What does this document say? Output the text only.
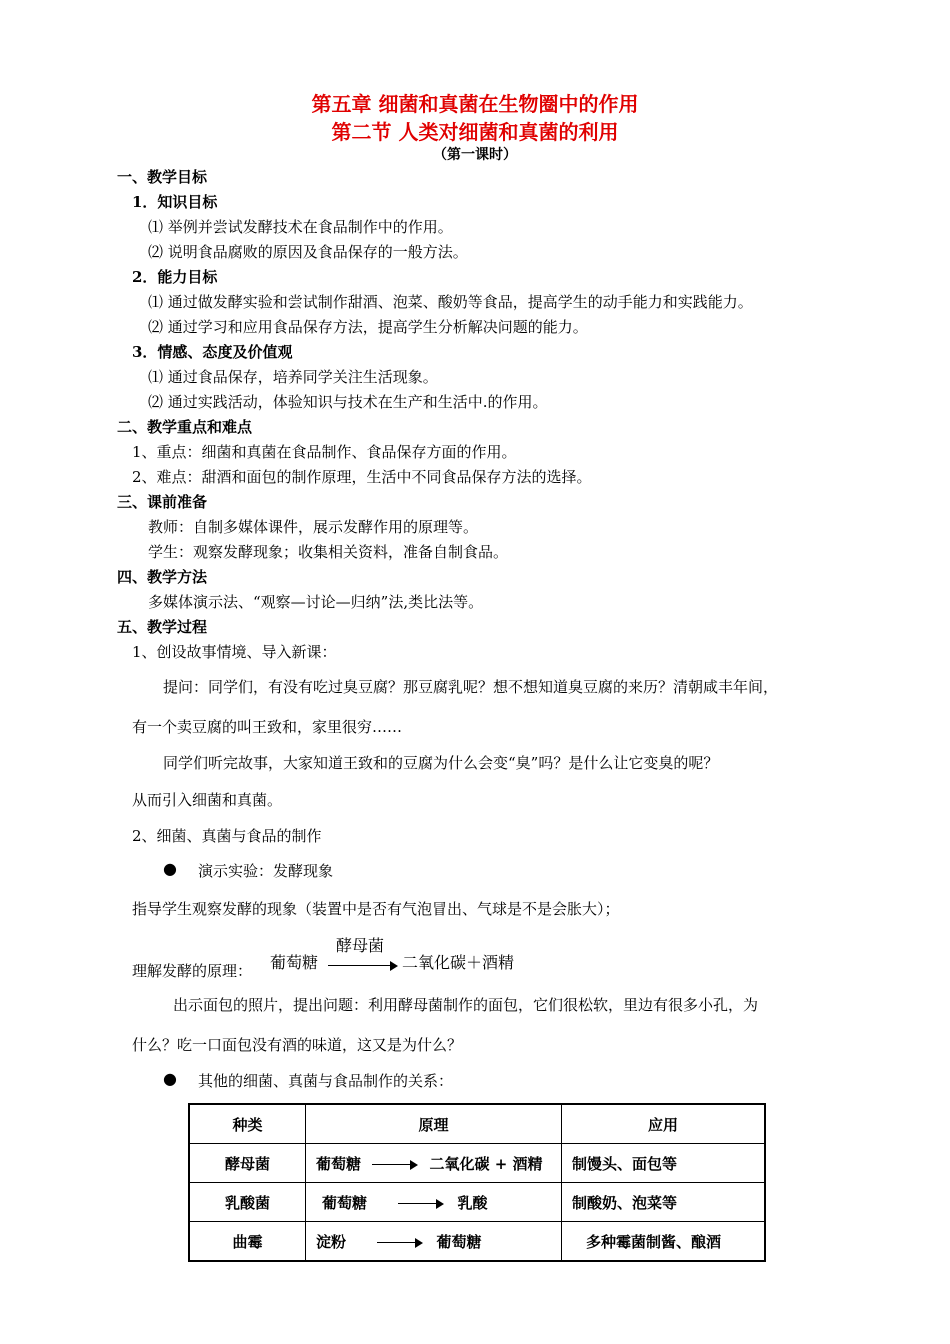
第五章 细菌和真菌在生物圈中的作用
第二节 人类对细菌和真菌的利用
（第一课时）
一、教学目标
1．知识目标
⑴ 举例并尝试发酵技术在食品制作中的作用。
⑵ 说明食品腐败的原因及食品保存的一般方法。
2．能力目标
⑴ 通过做发酵实验和尝试制作甜酒、泡菜、酸奶等食品，提高学生的动手能力和实践能力。
⑵ 通过学习和应用食品保存方法，提高学生分析解决问题的能力。
3．情感、态度及价值观
⑴ 通过食品保存，培养同学关注生活现象。
⑵ 通过实践活动，体验知识与技术在生产和生活中.的作用。
二、教学重点和难点
1、重点：细菌和真菌在食品制作、食品保存方面的作用。
2、难点：甜酒和面包的制作原理，生活中不同食品保存方法的选择。
三、课前准备
教师：自制多媒体课件，展示发酵作用的原理等。
学生：观察发酵现象；收集相关资料，准备自制食品。
四、教学方法
多媒体演示法、“观察—讨论—归纳”法,类比法等。
五、教学过程
1、创设故事情境、导入新课：
提问：同学们，有没有吃过臭豆腐？那豆腐乳呢？想不想知道臭豆腐的来历？清朝咸丰年间，
有一个卖豆腐的叫王致和，家里很穷……
同学们听完故事，大家知道王致和的豆腐为什么会变“臭”吗？是什么让它变臭的呢？
从而引入细菌和真菌。
2、细菌、真菌与食品的制作
● 演示实验：发酵现象
指导学生观察发酵的现象（装置中是否有气泡冒出、气球是不是会胀大）；
理解发酵的原理： 葡萄糖
酵母菌
二氧化碳＋酒精
出示面包的照片，提出问题：利用酵母菌制作的面包，它们很松软，里边有很多小孔，为
什么？吃一口面包没有酒的味道，这又是为什么？
● 其他的细菌、真菌与食品制作的关系：
种类	原理	应用
酵母菌	葡萄糖 二氧化碳 + 酒精	制馒头、面包等
乳酸菌	葡萄糖 乳酸	制酸奶、泡菜等
曲霉	淀粉 葡萄糖	多种霉菌制酱、酿酒
